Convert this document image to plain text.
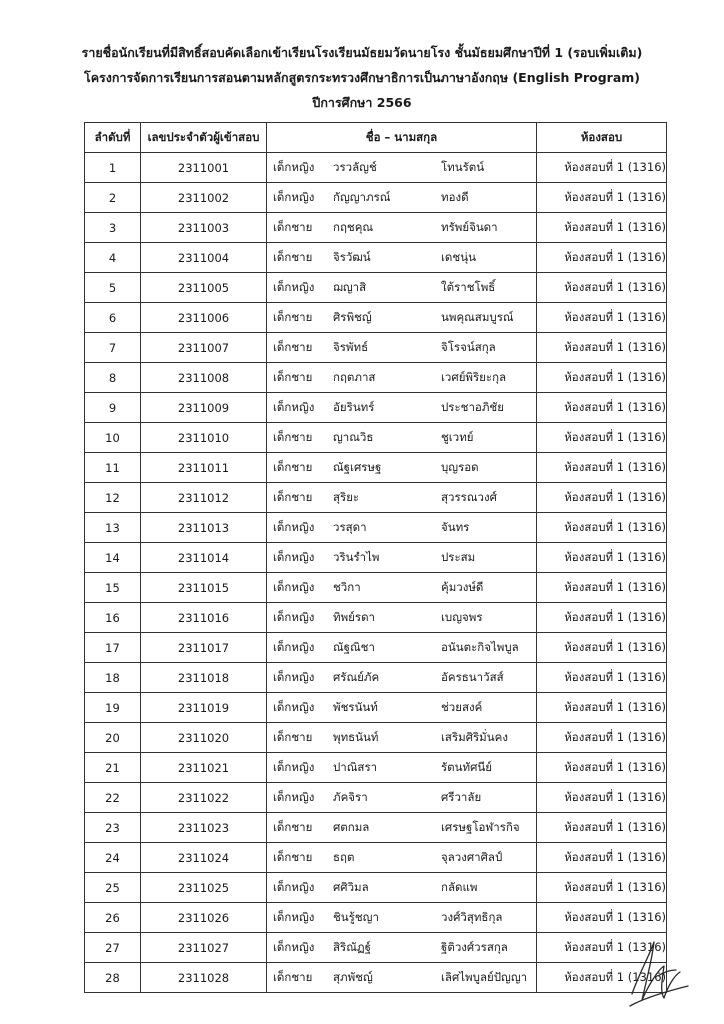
รายชื่อนักเรียนที่มีสิทธิ์สอบคัดเลือกเข้าเรียนโรงเรียนมัธยมวัดนายโรง ชั้นมัธยมศึกษาปีที่ 1 (รอบเพิ่มเติม)
โครงการจัดการเรียนการสอนตามหลักสูตรกระทรวงศึกษาธิการเป็นภาษาอังกฤษ (English Program)
ปีการศึกษา 2566
ลำดับที่	เลขประจำตัวผู้เข้าสอบ	ชื่อ – นามสกุล	ห้องสอบ
1	2311001	เด็กหญิง วรวลัญช์ โทนรัตน์	ห้องสอบที่ 1 (1316)
2	2311002	เด็กหญิง กัญญาภรณ์ ทองดี	ห้องสอบที่ 1 (1316)
3	2311003	เด็กชาย กฤชคุณ ทรัพย์จินดา	ห้องสอบที่ 1 (1316)
4	2311004	เด็กชาย จิรวัฒน์ เดชนุ่น	ห้องสอบที่ 1 (1316)
5	2311005	เด็กหญิง ฌญาสิ ใต้ราชโพธิ์	ห้องสอบที่ 1 (1316)
6	2311006	เด็กชาย ศิรพิชญ์ นพคุณสมบูรณ์	ห้องสอบที่ 1 (1316)
7	2311007	เด็กชาย จิรพัทธ์ จิโรจน์สกุล	ห้องสอบที่ 1 (1316)
8	2311008	เด็กชาย กฤตภาส เวศย์พิริยะกุล	ห้องสอบที่ 1 (1316)
9	2311009	เด็กหญิง อัยรินทร์ ประชาอภิชัย	ห้องสอบที่ 1 (1316)
10	2311010	เด็กชาย ญาณวิธ ชูเวทย์	ห้องสอบที่ 1 (1316)
11	2311011	เด็กชาย ณัฐเศรษฐ บุญรอด	ห้องสอบที่ 1 (1316)
12	2311012	เด็กชาย สุริยะ สุวรรณวงศ์	ห้องสอบที่ 1 (1316)
13	2311013	เด็กหญิง วรสุดา จันทร	ห้องสอบที่ 1 (1316)
14	2311014	เด็กหญิง วรินรำไพ ประสม	ห้องสอบที่ 1 (1316)
15	2311015	เด็กหญิง ชวิกา คุ้มวงษ์ดี	ห้องสอบที่ 1 (1316)
16	2311016	เด็กหญิง ทิพย์รดา เบญจพร	ห้องสอบที่ 1 (1316)
17	2311017	เด็กหญิง ณัฐณิชา อนันตะกิจไพบูล	ห้องสอบที่ 1 (1316)
18	2311018	เด็กหญิง ศรัณย์ภัค อัครธนาวัสส์	ห้องสอบที่ 1 (1316)
19	2311019	เด็กหญิง พัชรนันท์ ช่วยสงค์	ห้องสอบที่ 1 (1316)
20	2311020	เด็กชาย พุทธนันท์ เสริมศิริมั่นคง	ห้องสอบที่ 1 (1316)
21	2311021	เด็กหญิง ปาณิสรา รัตนทัศนีย์	ห้องสอบที่ 1 (1316)
22	2311022	เด็กหญิง ภัคจิรา ศรีวาลัย	ห้องสอบที่ 1 (1316)
23	2311023	เด็กชาย ศตกมล เศรษฐโอฬารกิจ	ห้องสอบที่ 1 (1316)
24	2311024	เด็กชาย ธฤต จุลวงศาศิลป์	ห้องสอบที่ 1 (1316)
25	2311025	เด็กหญิง ศศิวิมล กลัดแพ	ห้องสอบที่ 1 (1316)
26	2311026	เด็กหญิง ชินรู้ชญา วงศ์วิสุทธิกุล	ห้องสอบที่ 1 (1316)
27	2311027	เด็กหญิง สิริณัฏฐ์ ฐิติวงศ์วรสกุล	ห้องสอบที่ 1 (1316)
28	2311028	เด็กชาย สุภพัชญ์ เลิศไพบูลย์ปัญญา	ห้องสอบที่ 1 (1316)
